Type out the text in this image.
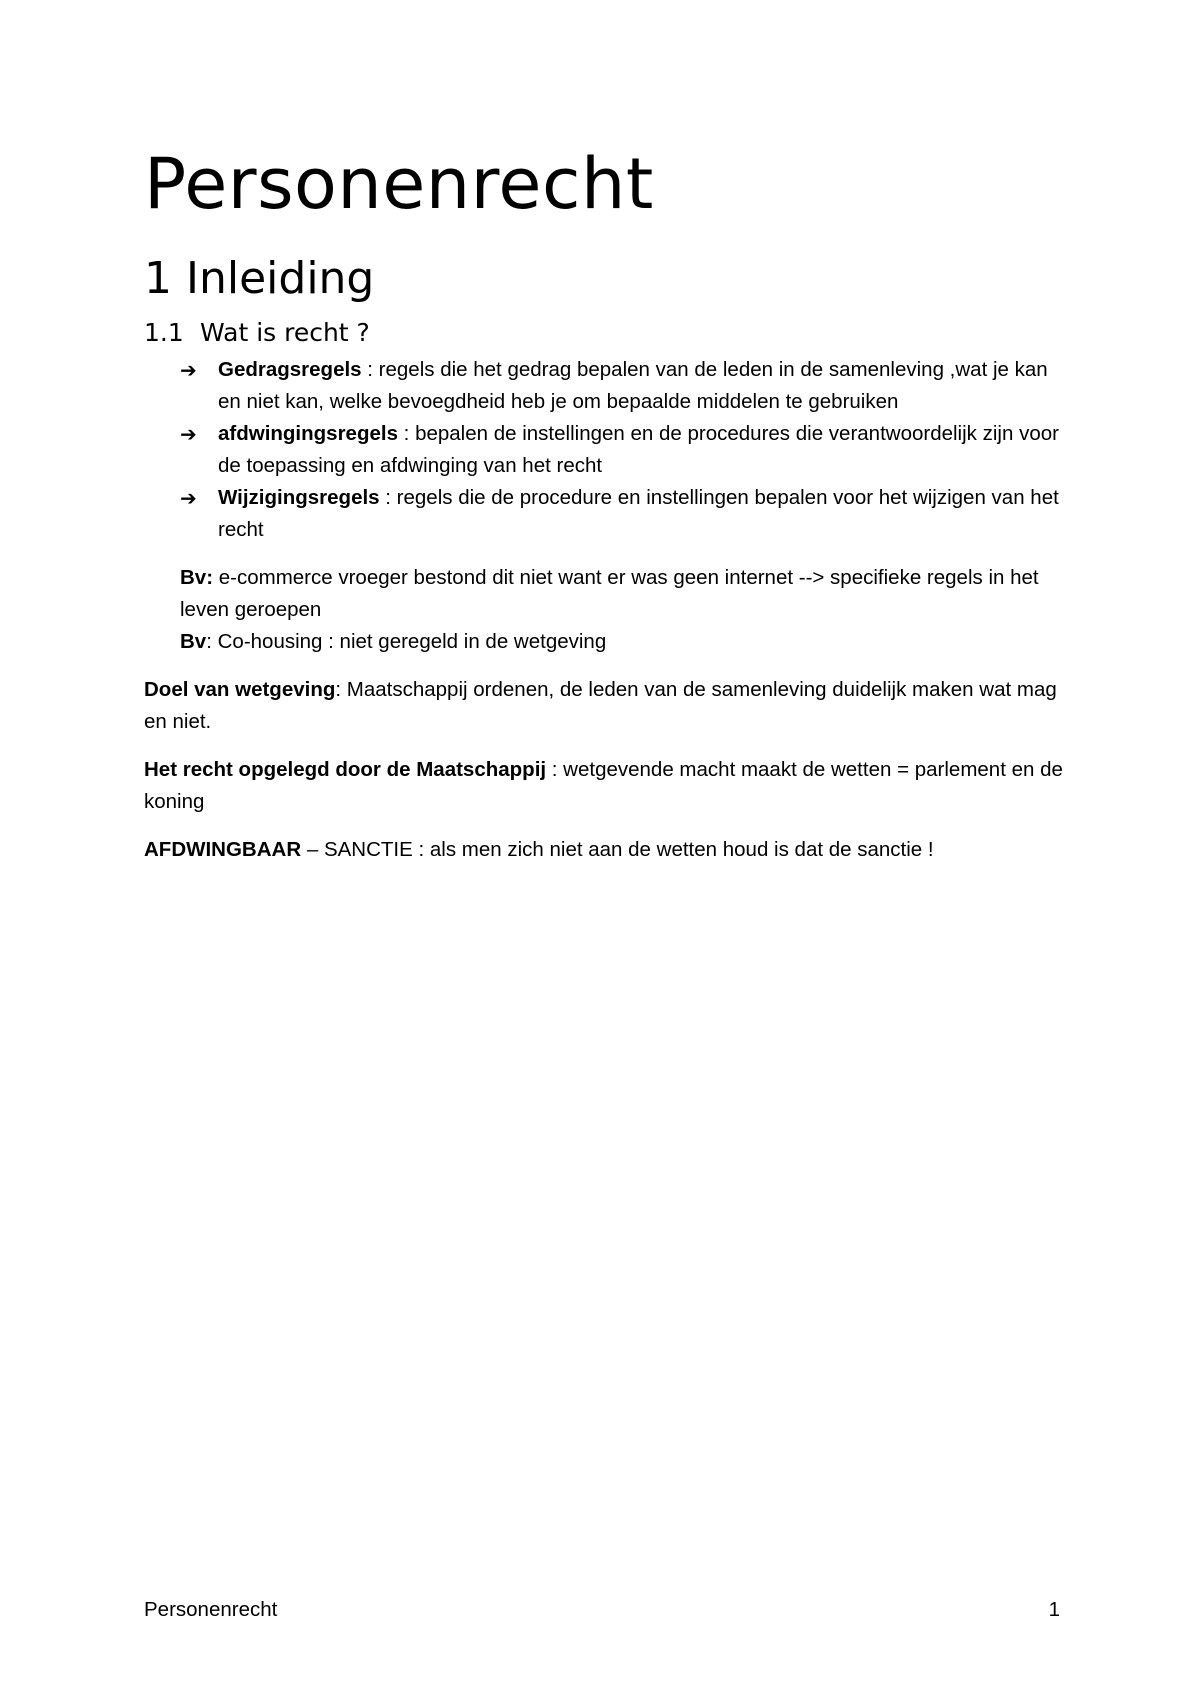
Personenrecht
1 Inleiding
1.1 Wat is recht ?
➔ Gedragsregels : regels die het gedrag bepalen van de leden in de samenleving ,wat je kan en niet kan, welke bevoegdheid heb je om bepaalde middelen te gebruiken
➔ afdwingingsregels : bepalen de instellingen en de procedures die verantwoordelijk zijn voor de toepassing en afdwinging van het recht
➔ Wijzigingsregels : regels die de procedure en instellingen bepalen voor het wijzigen van het recht

Bv: e-commerce vroeger bestond dit niet want er was geen internet --> specifieke regels in het leven geroepen

Bv: Co-housing : niet geregeld in de wetgeving

Doel van wetgeving: Maatschappij ordenen, de leden van de samenleving duidelijk maken wat mag en niet.

Het recht opgelegd door de Maatschappij : wetgevende macht maakt de wetten = parlement en de koning

AFDWINGBAAR – SANCTIE : als men zich niet aan de wetten houd is dat de sanctie !

Personenrecht	1
